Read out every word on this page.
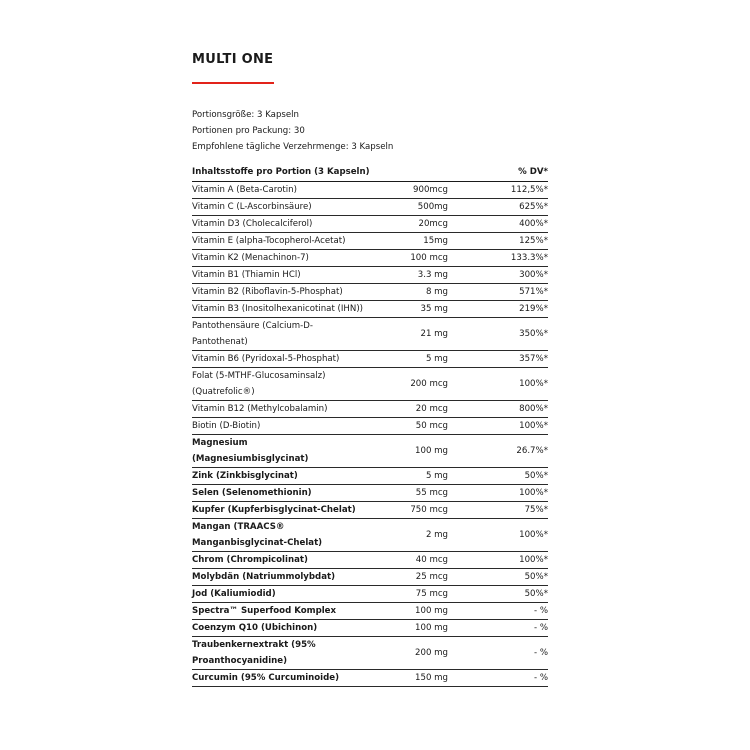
MULTI ONE
Portionsgröße: 3 Kapseln
Portionen pro Packung: 30
Empfohlene tägliche Verzehrmenge: 3 Kapseln
Inhaltsstoffe pro Portion (3 Kapseln)		% DV*
Vitamin A (Beta-Carotin)	900mcg	112,5%*
Vitamin C (L-Ascorbinsäure)	500mg	625%*
Vitamin D3 (Cholecalciferol)	20mcg	400%*
Vitamin E (alpha-Tocopherol-Acetat)	15mg	125%*
Vitamin K2 (Menachinon-7)	100 mcg	133.3%*
Vitamin B1 (Thiamin HCl)	3.3 mg	300%*
Vitamin B2 (Riboflavin-5-Phosphat)	8 mg	571%*
Vitamin B3 (Inositolhexanicotinat (IHN))	35 mg	219%*
Pantothensäure (Calcium-D-Pantothenat)	21 mg	350%*
Vitamin B6 (Pyridoxal-5-Phosphat)	5 mg	357%*
Folat (5-MTHF-Glucosaminsalz) (Quatrefolic®)	200 mcg	100%*
Vitamin B12 (Methylcobalamin)	20 mcg	800%*
Biotin (D-Biotin)	50 mcg	100%*
Magnesium (Magnesiumbisglycinat)	100 mg	26.7%*
Zink (Zinkbisglycinat)	5 mg	50%*
Selen (Selenomethionin)	55 mcg	100%*
Kupfer (Kupferbisglycinat-Chelat)	750 mcg	75%*
Mangan (TRAACS® Manganbisglycinat-Chelat)	2 mg	100%*
Chrom (Chrompicolinat)	40 mcg	100%*
Molybdän (Natriummolybdat)	25 mcg	50%*
Jod (Kaliumiodid)	75 mcg	50%*
Spectra™ Superfood Komplex	100 mg	- %
Coenzym Q10 (Ubichinon)	100 mg	- %
Traubenkernextrakt (95% Proanthocyanidine)	200 mg	- %
Curcumin (95% Curcuminoide)	150 mg	- %
